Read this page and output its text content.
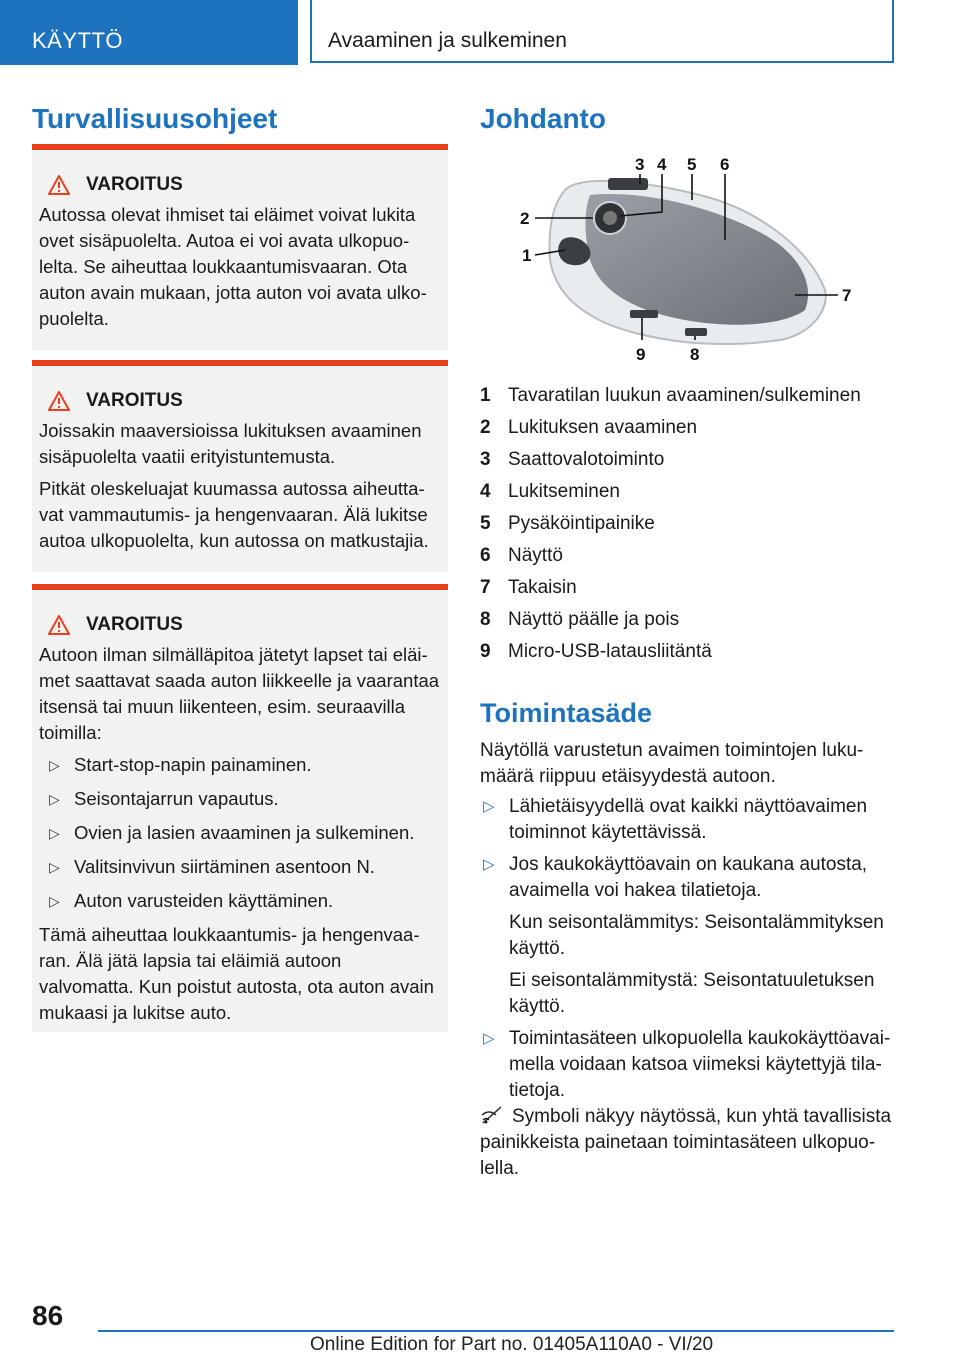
KÄYTTÖ	Avaaminen ja sulkeminen
Turvallisuusohjeet
VAROITUS

Autossa olevat ihmiset tai eläimet voivat lukita ovet sisäpuolelta. Autoa ei voi avata ulkopuolelta. Se aiheuttaa loukkaantumisvaaran. Ota auton avain mukaan, jotta auton voi avata ulkopuolelta.

VAROITUS

Joissakin maaversioissa lukituksen avaaminen sisäpuolelta vaatii erityistuntemusta.

Pitkät oleskeluajat kuumassa autossa aiheuttavat vammautumis- ja hengenvaaran. Älä lukitse autoa ulkopuolelta, kun autossa on matkustajia.

VAROITUS

Autoon ilman silmälläpitoa jätetyt lapset tai eläimet saattavat saada auton liikkeelle ja vaarantaa itsensä tai muun liikenteen, esim. seuraavilla toimilla:

▷ Start-stop-napin painaminen.
▷ Seisontajarrun vapautus.
▷ Ovien ja lasien avaaminen ja sulkeminen.
▷ Valitsinvivun siirtäminen asentoon N.
▷ Auton varusteiden käyttäminen.

Tämä aiheuttaa loukkaantumis- ja hengenvaaran. Älä jätä lapsia tai eläimiä autoon valvomatta. Kun poistut autosta, ota auton avain mukaasi ja lukitse auto.

Johdanto
3 4 5 6
2
1
7
9	8
1 Tavaratilan luukun avaaminen/sulkeminen
2 Lukituksen avaaminen
3 Saattovalotoiminto
4 Lukitseminen
5 Pysäköintipainike
6 Näyttö
7 Takaisin
8 Näyttö päälle ja pois
9 Micro-USB-latausliitäntä
Toimintasäde
Näytöllä varustetun avaimen toimintojen lukumäärä riippuu etäisyydestä autoon.
▷ Lähietäisyydellä ovat kaikki näyttöavaimen toiminnot käytettävissä.
▷ Jos kaukokäyttöavain on kaukana autosta, avaimella voi hakea tilatietoja.
Kun seisontalämmitys: Seisontalämmityksen käyttö.
Ei seisontalämmitystä: Seisontatuuletuksen käyttö.
▷ Toimintasäteen ulkopuolella kaukokäyttöavaimella voidaan katsoa viimeksi käytettyjä tilatietoja.
Symboli näkyy näytössä, kun yhtä tavallisista painikkeista painetaan toimintasäteen ulkopuolella.
86
Online Edition for Part no. 01405A110A0 - VI/20
